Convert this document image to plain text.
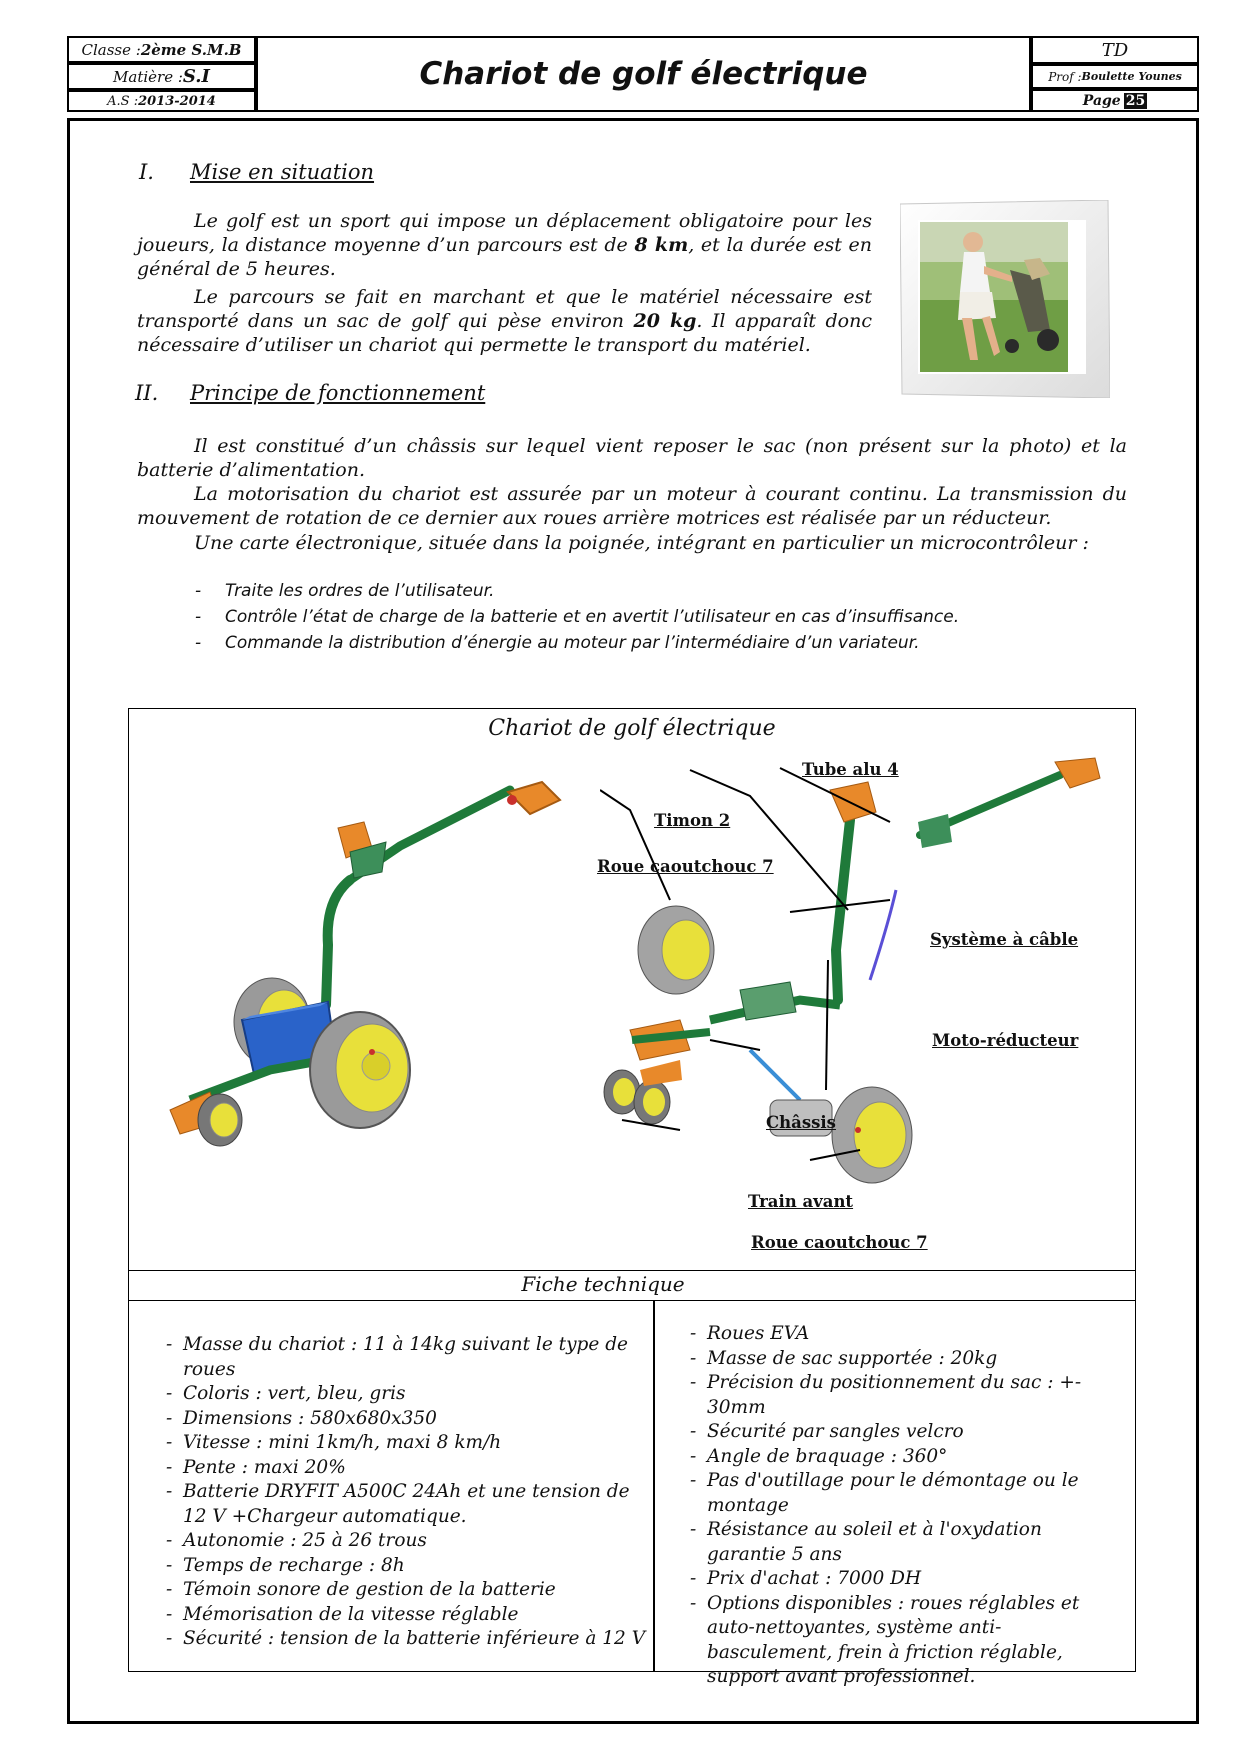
Classe : 2ème S.M.B
Matière : S.I
A.S : 2013-2014
Chariot de golf électrique
TD
Prof : Boulette Younes
Page 25
I. Mise en situation
Le golf est un sport qui impose un déplacement obligatoire pour les joueurs, la distance moyenne d’un parcours est de 8 km, et la durée est en général de 5 heures.
Le parcours se fait en marchant et que le matériel nécessaire est transporté dans un sac de golf qui pèse environ 20 kg. Il apparaît donc nécessaire d’utiliser un chariot qui permette le transport du matériel.
II. Principe de fonctionnement
Il est constitué d’un châssis sur lequel vient reposer le sac (non présent sur la photo) et la batterie d’alimentation.
La motorisation du chariot est assurée par un moteur à courant continu. La transmission du mouvement de rotation de ce dernier aux roues arrière motrices est réalisée par un réducteur.
Une carte électronique, située dans la poignée, intégrant en particulier un microcontrôleur :
- Traite les ordres de l’utilisateur.
- Contrôle l’état de charge de la batterie et en avertit l’utilisateur en cas d’insuffisance.
- Commande la distribution d’énergie au moteur par l’intermédiaire d’un variateur.
Chariot de golf électrique
Tube alu 4
Timon 2
Roue caoutchouc 7
Système à câble
Moto-réducteur
Châssis
Train avant
Roue caoutchouc 7
Fiche technique
- Masse du chariot : 11 à 14kg suivant le type de roues
- Coloris : vert, bleu, gris
- Dimensions : 580x680x350
- Vitesse : mini 1km/h, maxi 8 km/h
- Pente : maxi 20%
- Batterie DRYFIT A500C 24Ah et une tension de 12 V +Chargeur automatique.
- Autonomie : 25 à 26 trous
- Temps de recharge : 8h
- Témoin sonore de gestion de la batterie
- Mémorisation de la vitesse réglable
- Sécurité : tension de la batterie inférieure à 12 V
- Roues EVA
- Masse de sac supportée : 20kg
- Précision du positionnement du sac : +- 30mm
- Sécurité par sangles velcro
- Angle de braquage : 360°
- Pas d'outillage pour le démontage ou le montage
- Résistance au soleil et à l'oxydation garantie 5 ans
- Prix d'achat : 7000 DH
- Options disponibles : roues réglables et auto-nettoyantes, système anti-basculement, frein à friction réglable, support avant professionnel.
